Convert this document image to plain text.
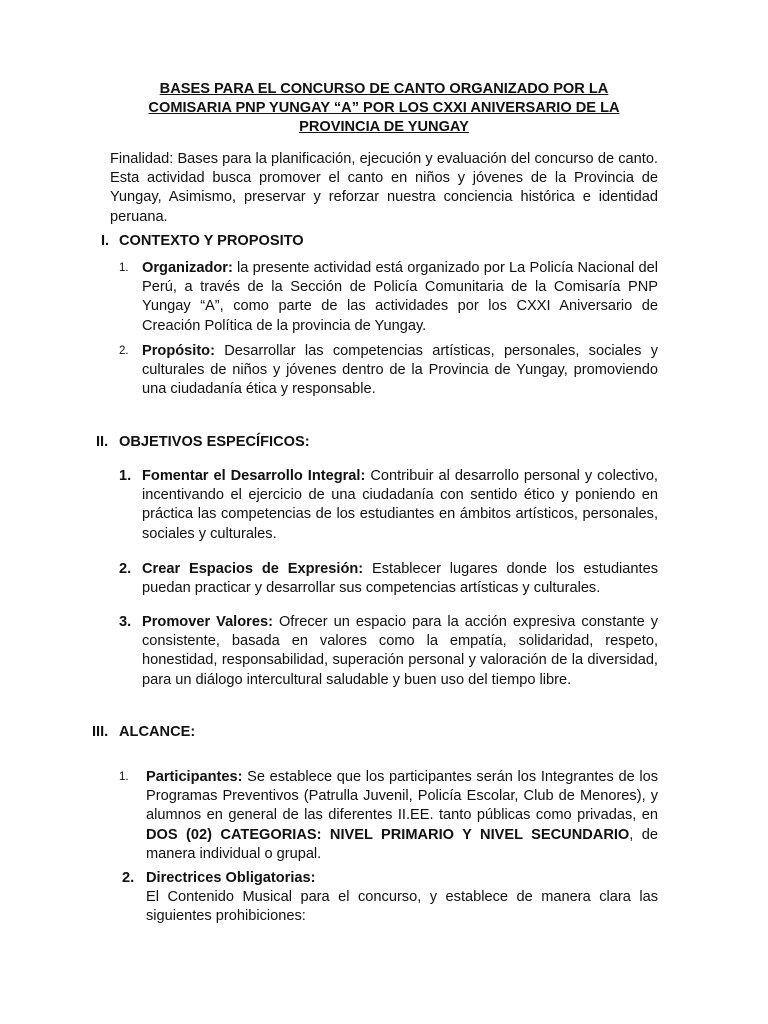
BASES PARA EL CONCURSO DE CANTO ORGANIZADO POR LA
COMISARIA PNP YUNGAY “A” POR LOS CXXI ANIVERSARIO DE LA
PROVINCIA DE YUNGAY
Finalidad: Bases para la planificación, ejecución y evaluación del concurso de canto. Esta actividad busca promover el canto en niños y jóvenes de la Provincia de Yungay, Asimismo, preservar y reforzar nuestra conciencia histórica e identidad peruana.
I. CONTEXTO Y PROPOSITO
1. Organizador: la presente actividad está organizado por La Policía Nacional del Perú, a través de la Sección de Policía Comunitaria de la Comisaría PNP Yungay “A”, como parte de las actividades por los CXXI Aniversario de Creación Política de la provincia de Yungay.
2. Propósito: Desarrollar las competencias artísticas, personales, sociales y culturales de niños y jóvenes dentro de la Provincia de Yungay, promoviendo una ciudadanía ética y responsable.
II. OBJETIVOS ESPECÍFICOS:
1. Fomentar el Desarrollo Integral: Contribuir al desarrollo personal y colectivo, incentivando el ejercicio de una ciudadanía con sentido ético y poniendo en práctica las competencias de los estudiantes en ámbitos artísticos, personales, sociales y culturales.
2. Crear Espacios de Expresión: Establecer lugares donde los estudiantes puedan practicar y desarrollar sus competencias artísticas y culturales.
3. Promover Valores: Ofrecer un espacio para la acción expresiva constante y consistente, basada en valores como la empatía, solidaridad, respeto, honestidad, responsabilidad, superación personal y valoración de la diversidad, para un diálogo intercultural saludable y buen uso del tiempo libre.
III. ALCANCE:
1. Participantes: Se establece que los participantes serán los Integrantes de los Programas Preventivos (Patrulla Juvenil, Policía Escolar, Club de Menores), y alumnos en general de las diferentes II.EE. tanto públicas como privadas, en DOS (02) CATEGORIAS: NIVEL PRIMARIO Y NIVEL SECUNDARIO, de manera individual o grupal.
2. Directrices Obligatorias:
El Contenido Musical para el concurso, y establece de manera clara las siguientes prohibiciones:
